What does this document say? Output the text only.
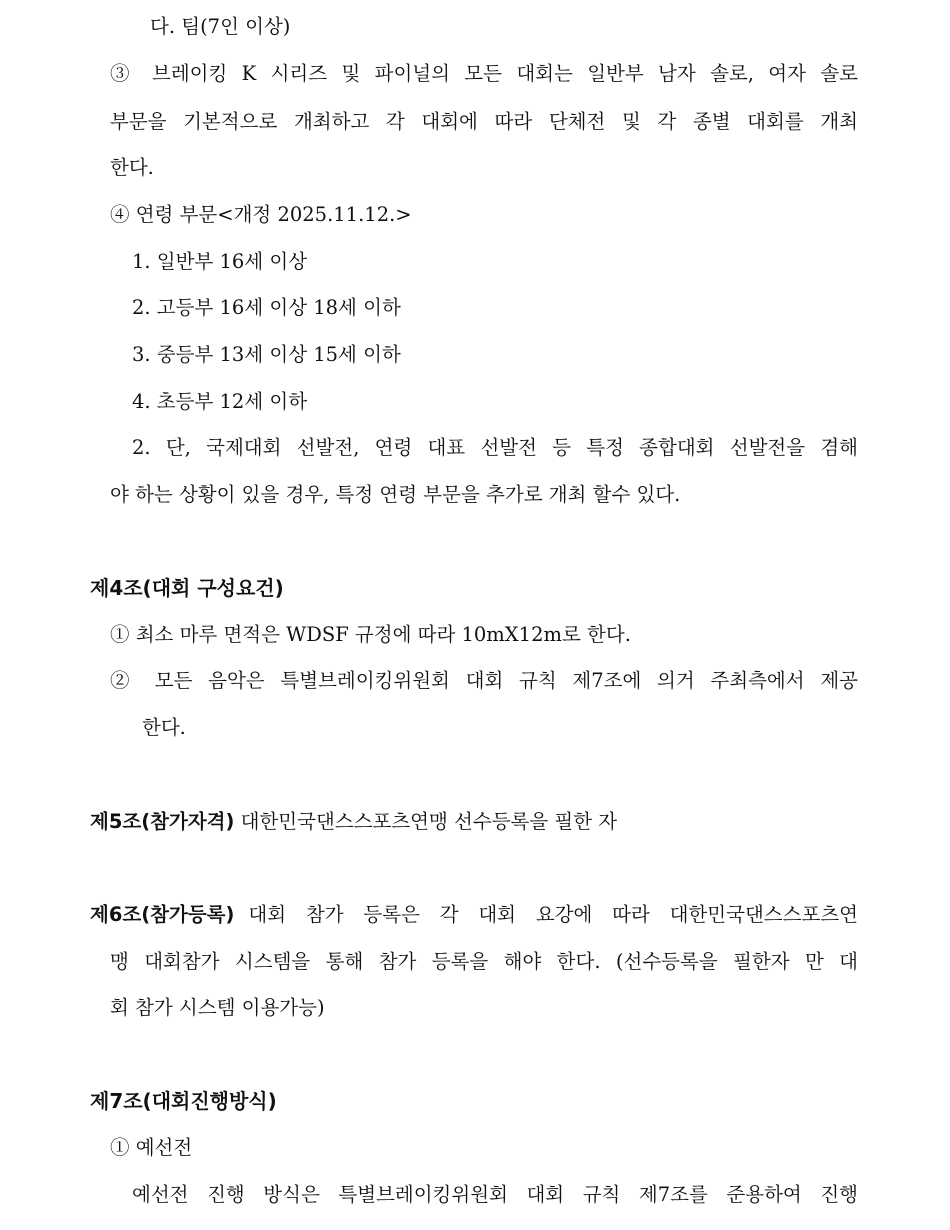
다. 팀(7인 이상)
③ 브레이킹 K 시리즈 및 파이널의 모든 대회는 일반부 남자 솔로, 여자 솔로
부문을 기본적으로 개최하고 각 대회에 따라 단체전 및 각 종별 대회를 개최
한다.
④ 연령 부문<개정 2025.11.12.>
1. 일반부 16세 이상
2. 고등부 16세 이상 18세 이하
3. 중등부 13세 이상 15세 이하
4. 초등부 12세 이하
2. 단, 국제대회 선발전, 연령 대표 선발전 등 특정 종합대회 선발전을 겸해
야 하는 상황이 있을 경우, 특정 연령 부문을 추가로 개최 할수 있다.
제4조(대회 구성요건)
① 최소 마루 면적은 WDSF 규정에 따라 10mX12m로 한다.
② 모든 음악은 특별브레이킹위원회 대회 규칙 제7조에 의거 주최측에서 제공
한다.
제5조(참가자격) 대한민국댄스스포츠연맹 선수등록을 필한 자
제6조(참가등록) 대회 참가 등록은 각 대회 요강에 따라 대한민국댄스스포츠연
맹 대회참가 시스템을 통해 참가 등록을 해야 한다. (선수등록을 필한자 만 대
회 참가 시스템 이용가능)
제7조(대회진행방식)
① 예선전
예선전 진행 방식은 특별브레이킹위원회 대회 규칙 제7조를 준용하여 진행
